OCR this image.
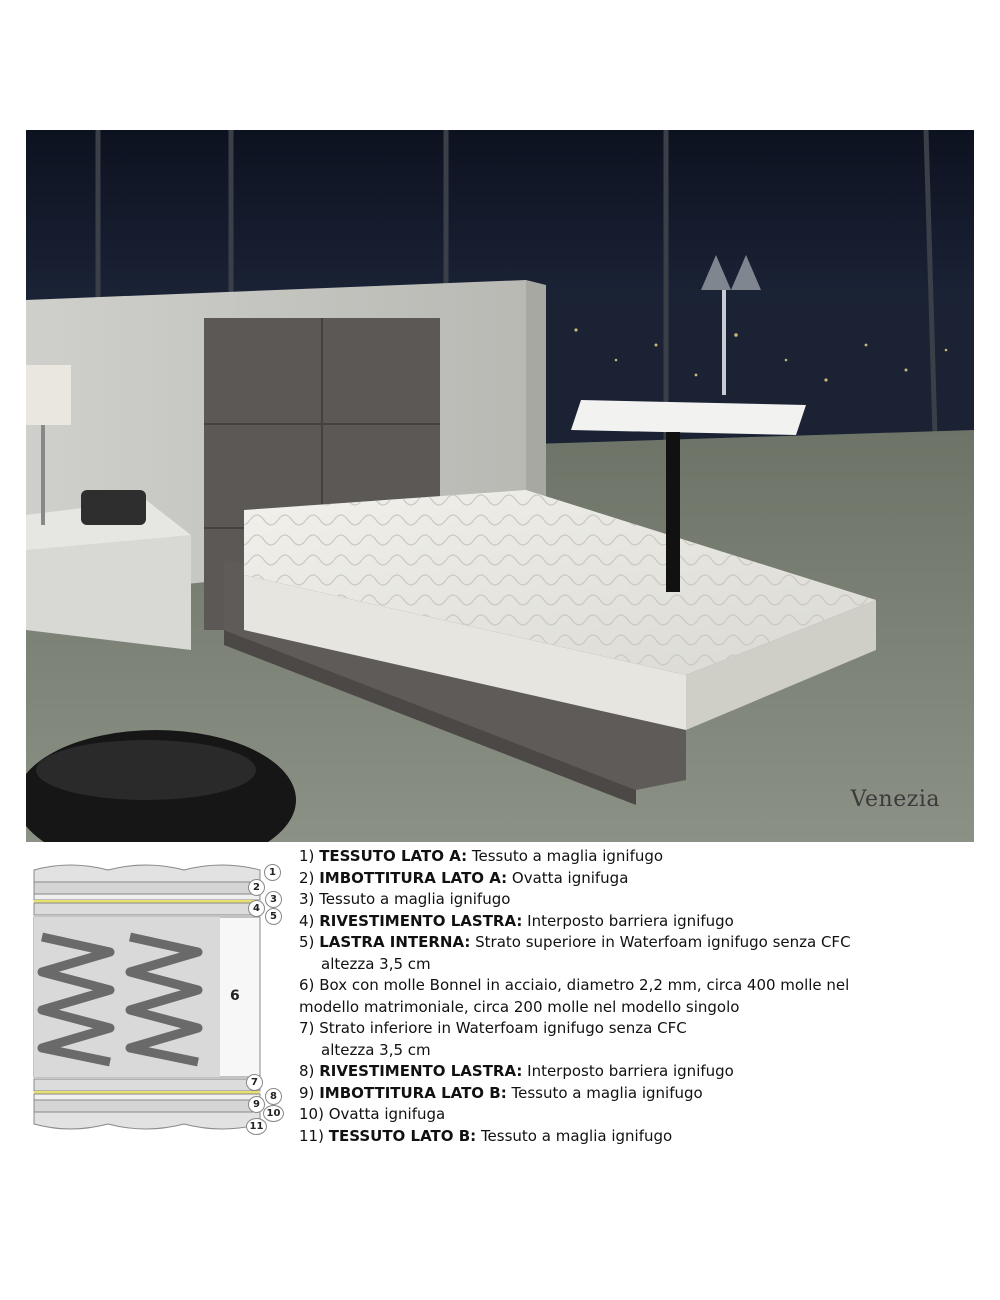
Venezia
1
2
3
4
5
6
7
8
9
10
11
1) TESSUTO LATO A: Tessuto a maglia ignifugo
2) IMBOTTITURA LATO A: Ovatta ignifuga
3) Tessuto a maglia ignifugo
4) RIVESTIMENTO LASTRA: Interposto barriera ignifugo
5) LASTRA INTERNA: Strato superiore in Waterfoam ignifugo senza CFC
altezza 3,5 cm
6) Box con molle Bonnel in acciaio, diametro 2,2 mm, circa 400 molle nel
modello matrimoniale, circa 200 molle nel modello singolo
7) Strato inferiore in Waterfoam ignifugo senza CFC
altezza 3,5 cm
8) RIVESTIMENTO LASTRA: Interposto barriera ignifugo
9) IMBOTTITURA LATO B: Tessuto a maglia ignifugo
10) Ovatta ignifuga
11) TESSUTO LATO B: Tessuto a maglia ignifugo
